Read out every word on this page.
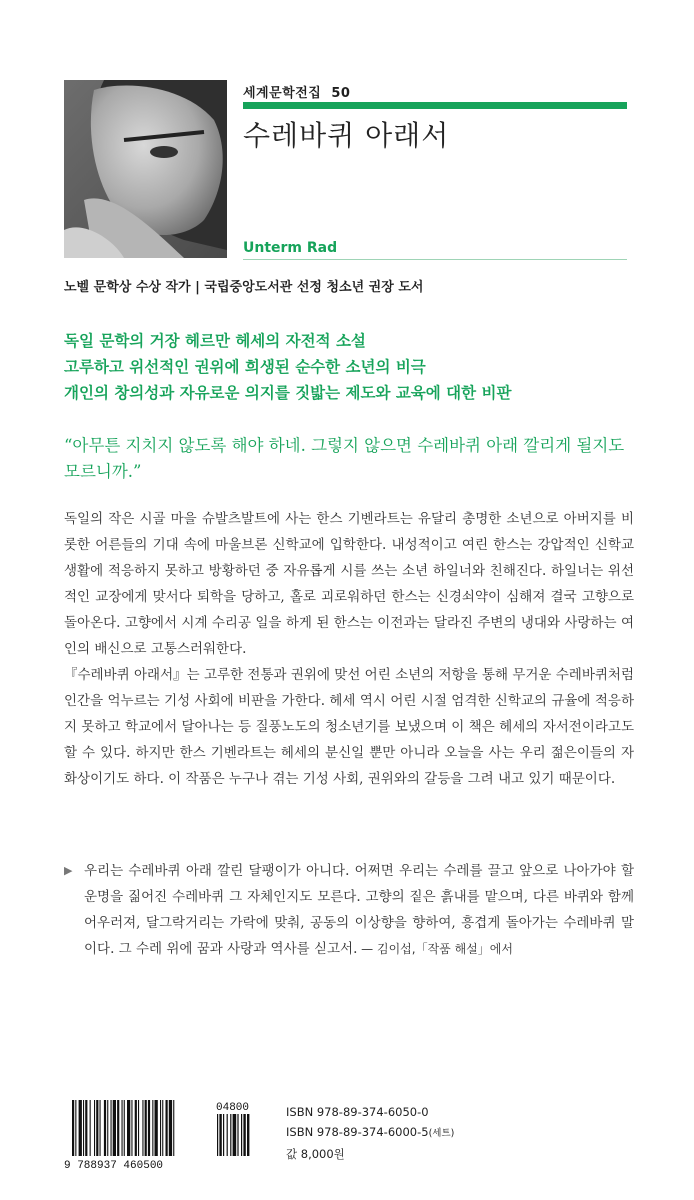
세계문학전집 50
수레바퀴 아래서
Unterm Rad
노벨 문학상 수상 작가 | 국립중앙도서관 선정 청소년 권장 도서
독일 문학의 거장 헤르만 헤세의 자전적 소설
고루하고 위선적인 권위에 희생된 순수한 소년의 비극
개인의 창의성과 자유로운 의지를 짓밟는 제도와 교육에 대한 비판
“아무튼 지치지 않도록 해야 하네. 그렇지 않으면 수레바퀴 아래 깔리게 될지도 모르니까.”

독일의 작은 시골 마을 슈발츠발트에 사는 한스 기벤라트는 유달리 총명한 소년으로 아버지를 비롯한 어른들의 기대 속에 마울브론 신학교에 입학한다. 내성적이고 여린 한스는 강압적인 신학교 생활에 적응하지 못하고 방황하던 중 자유롭게 시를 쓰는 소년 하일너와 친해진다. 하일너는 위선적인 교장에게 맞서다 퇴학을 당하고, 홀로 괴로워하던 한스는 신경쇠약이 심해져 결국 고향으로 돌아온다. 고향에서 시계 수리공 일을 하게 된 한스는 이전과는 달라진 주변의 냉대와 사랑하는 여인의 배신으로 고통스러워한다.

『수레바퀴 아래서』는 고루한 전통과 권위에 맞선 어린 소년의 저항을 통해 무거운 수레바퀴처럼 인간을 억누르는 기성 사회에 비판을 가한다. 헤세 역시 어린 시절 엄격한 신학교의 규율에 적응하지 못하고 학교에서 달아나는 등 질풍노도의 청소년기를 보냈으며 이 책은 헤세의 자서전이라고도 할 수 있다. 하지만 한스 기벤라트는 헤세의 분신일 뿐만 아니라 오늘을 사는 우리 젊은이들의 자화상이기도 하다. 이 작품은 누구나 겪는 기성 사회, 권위와의 갈등을 그려 내고 있기 때문이다.

▶ 우리는 수레바퀴 아래 깔린 달팽이가 아니다. 어쩌면 우리는 수레를 끌고 앞으로 나아가야 할 운명을 짊어진 수레바퀴 그 자체인지도 모른다. 고향의 짙은 흙내를 맡으며, 다른 바퀴와 함께 어우러져, 달그락거리는 가락에 맞춰, 공동의 이상향을 향하여, 흥겹게 돌아가는 수레바퀴 말이다. 그 수레 위에 꿈과 사랑과 역사를 싣고서. — 김이섭,「작품 해설」에서
9 788937 460500
04800	ISBN 978-89-374-6050-0
ISBN 978-89-374-6000-5(세트)
값 8,000원
